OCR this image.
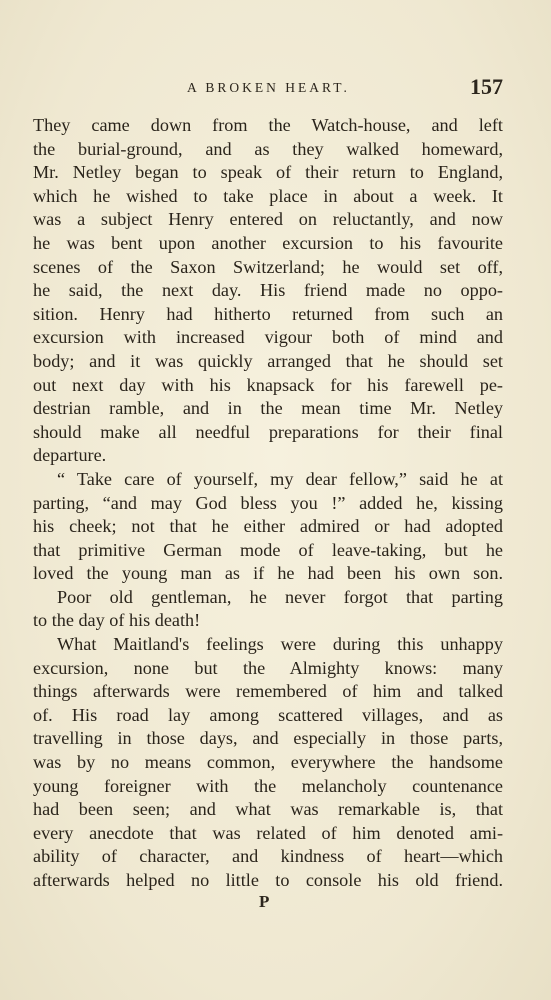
A BROKEN HEART.	157
They came down from the Watch-house, and left
the burial-ground, and as they walked homeward,
Mr. Netley began to speak of their return to England,
which he wished to take place in about a week. It
was a subject Henry entered on reluctantly, and now
he was bent upon another excursion to his favourite
scenes of the Saxon Switzerland; he would set off,
he said, the next day. His friend made no oppo-
sition. Henry had hitherto returned from such an
excursion with increased vigour both of mind and
body; and it was quickly arranged that he should set
out next day with his knapsack for his farewell pe-
destrian ramble, and in the mean time Mr. Netley
should make all needful preparations for their final
departure.
“ Take care of yourself, my dear fellow,” said he at
parting, “and may God bless you !” added he, kissing
his cheek; not that he either admired or had adopted
that primitive German mode of leave-taking, but he
loved the young man as if he had been his own son.
Poor old gentleman, he never forgot that parting
to the day of his death!
What Maitland's feelings were during this unhappy
excursion, none but the Almighty knows: many
things afterwards were remembered of him and talked
of. His road lay among scattered villages, and as
travelling in those days, and especially in those parts,
was by no means common, everywhere the handsome
young foreigner with the melancholy countenance
had been seen; and what was remarkable is, that
every anecdote that was related of him denoted ami-
ability of character, and kindness of heart—which
afterwards helped no little to console his old friend.
P
